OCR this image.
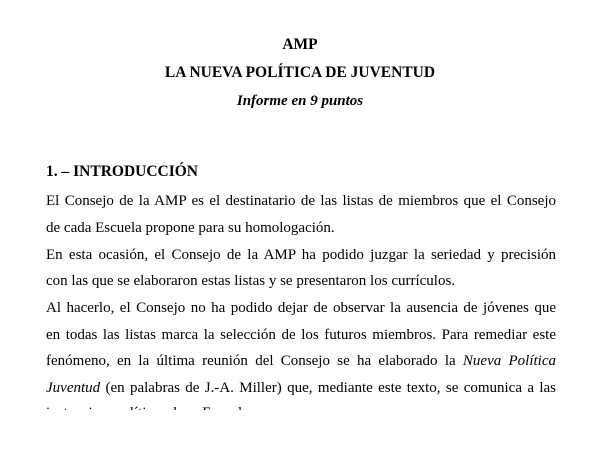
AMP
LA NUEVA POLÍTICA DE JUVENTUD
Informe en 9 puntos
1. – INTRODUCCIÓN
El Consejo de la AMP es el destinatario de las listas de miembros que el Consejo
de cada Escuela propone para su homologación.
En esta ocasión, el Consejo de la AMP ha podido juzgar la seriedad y precisión
con las que se elaboraron estas listas y se presentaron los currículos.
Al hacerlo, el Consejo no ha podido dejar de observar la ausencia de jóvenes que
en todas las listas marca la selección de los futuros miembros. Para remediar este
fenómeno, en la última reunión del Consejo se ha elaborado la Nueva Política
Juventud (en palabras de J.-A. Miller) que, mediante este texto, se comunica a las
